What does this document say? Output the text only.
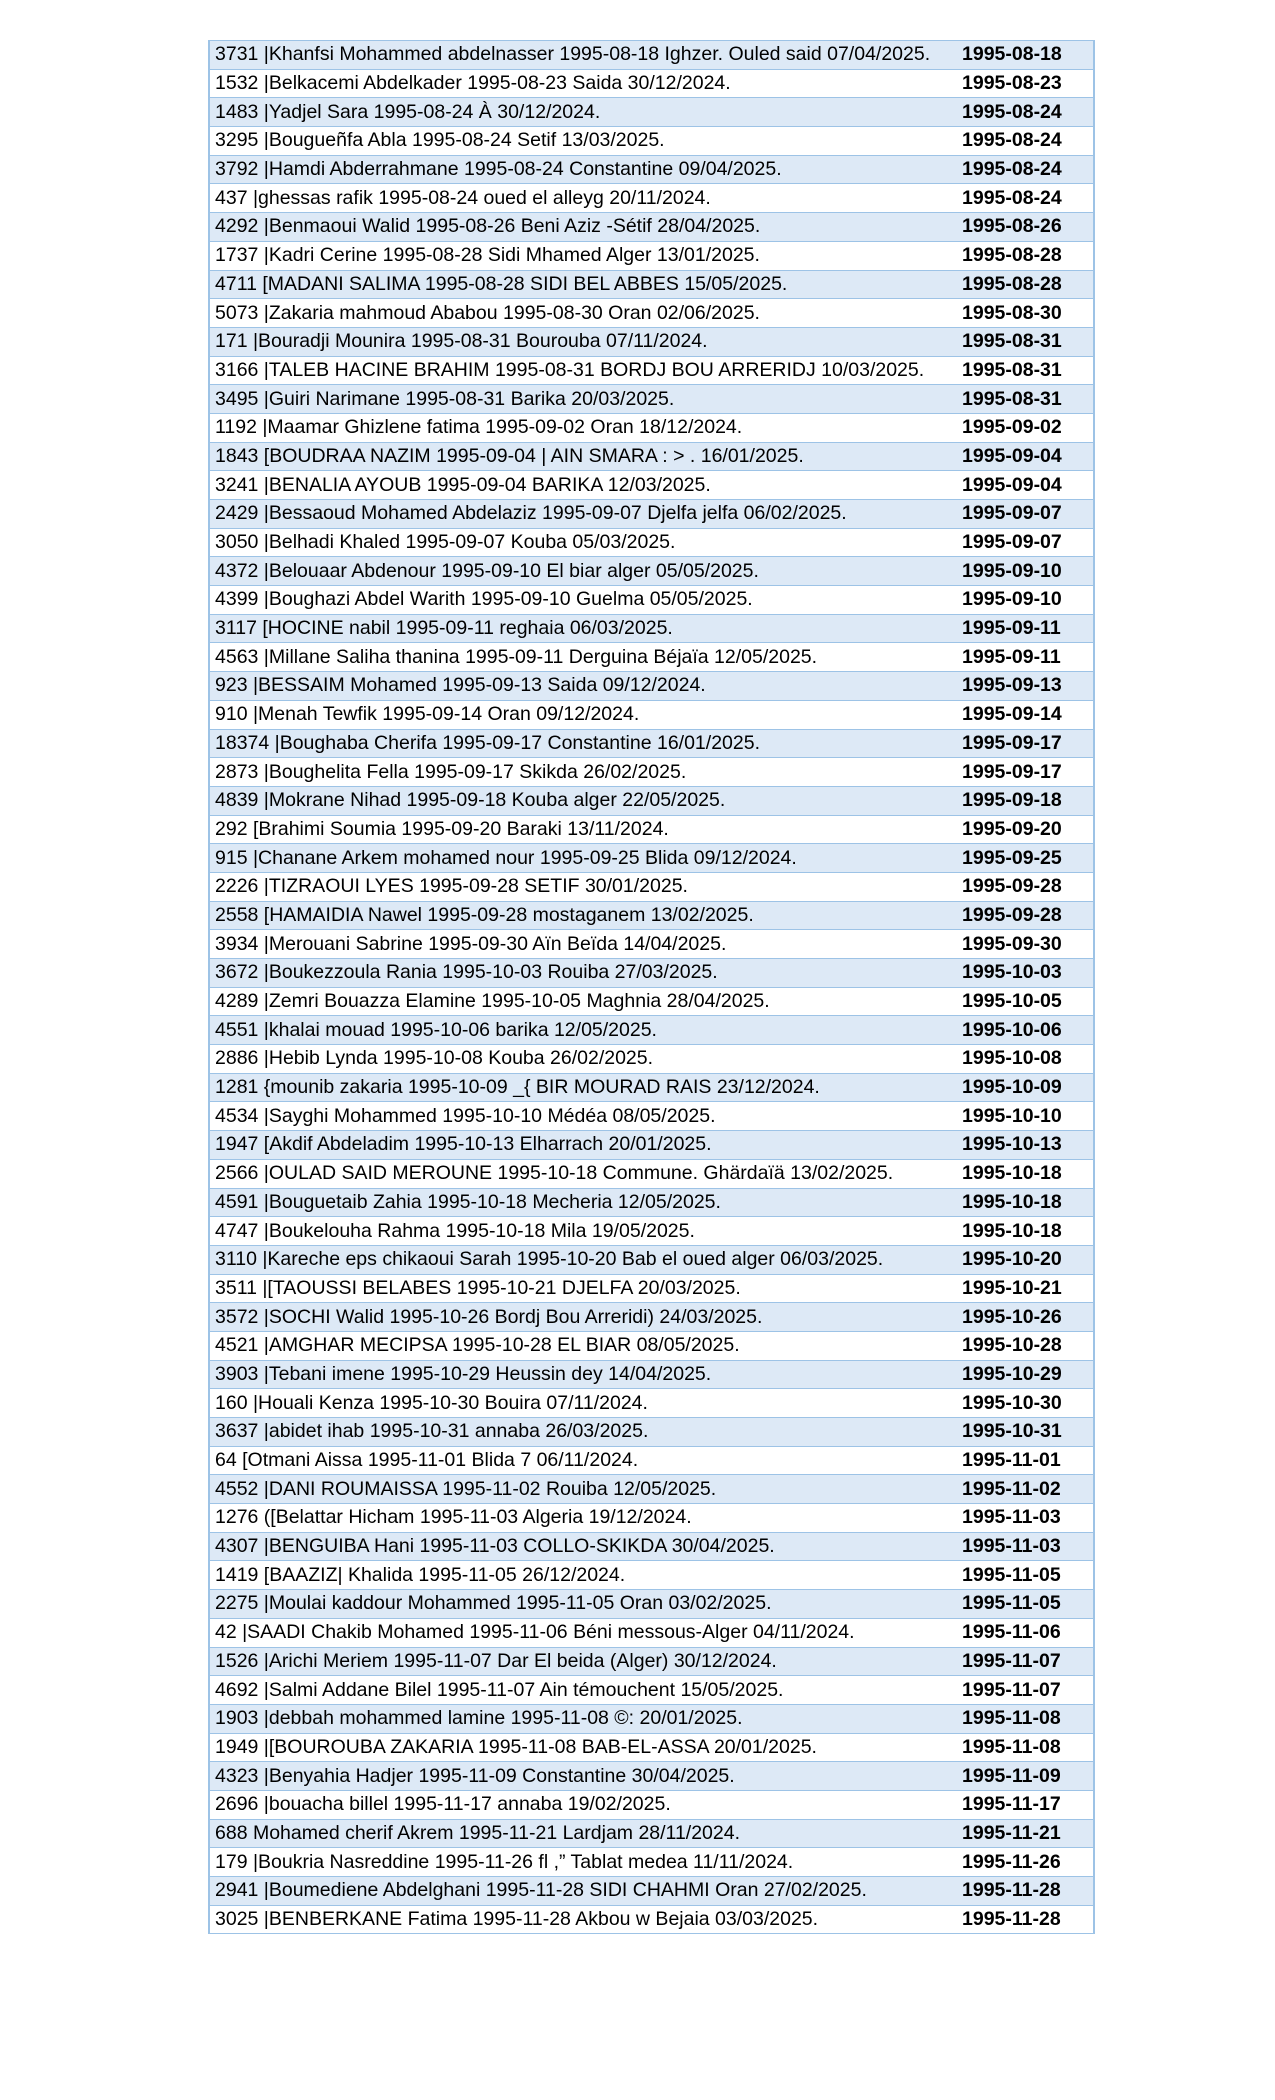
3731 |Khanfsi Mohammed abdelnasser 1995-08-18 Ighzer. Ouled said 07/04/2025.	1995-08-18
1532 |Belkacemi Abdelkader 1995-08-23 Saida 30/12/2024.	1995-08-23
1483 |Yadjel Sara 1995-08-24 À 30/12/2024.	1995-08-24
3295 |Bougueñfa Abla 1995-08-24 Setif 13/03/2025.	1995-08-24
3792 |Hamdi Abderrahmane 1995-08-24 Constantine 09/04/2025.	1995-08-24
437 |ghessas rafik 1995-08-24 oued el alleyg 20/11/2024.	1995-08-24
4292 |Benmaoui Walid 1995-08-26 Beni Aziz -Sétif 28/04/2025.	1995-08-26
1737 |Kadri Cerine 1995-08-28 Sidi Mhamed Alger 13/01/2025.	1995-08-28
4711 [MADANI SALIMA 1995-08-28 SIDI BEL ABBES 15/05/2025.	1995-08-28
5073 |Zakaria mahmoud Ababou 1995-08-30 Oran 02/06/2025.	1995-08-30
171 |Bouradji Mounira 1995-08-31 Bourouba 07/11/2024.	1995-08-31
3166 |TALEB HACINE BRAHIM 1995-08-31 BORDJ BOU ARRERIDJ 10/03/2025.	1995-08-31
3495 |Guiri Narimane 1995-08-31 Barika 20/03/2025.	1995-08-31
1192 |Maamar Ghizlene fatima 1995-09-02 Oran 18/12/2024.	1995-09-02
1843 [BOUDRAA NAZIM 1995-09-04 | AIN SMARA : > . 16/01/2025.	1995-09-04
3241 |BENALIA AYOUB 1995-09-04 BARIKA 12/03/2025.	1995-09-04
2429 |Bessaoud Mohamed Abdelaziz 1995-09-07 Djelfa jelfa 06/02/2025.	1995-09-07
3050 |Belhadi Khaled 1995-09-07 Kouba 05/03/2025.	1995-09-07
4372 |Belouaar Abdenour 1995-09-10 El biar alger 05/05/2025.	1995-09-10
4399 |Boughazi Abdel Warith 1995-09-10 Guelma 05/05/2025.	1995-09-10
3117 [HOCINE nabil 1995-09-11 reghaia 06/03/2025.	1995-09-11
4563 |Millane Saliha thanina 1995-09-11 Derguina Béjaïa 12/05/2025.	1995-09-11
923 |BESSAIM Mohamed 1995-09-13 Saida 09/12/2024.	1995-09-13
910 |Menah Tewfik 1995-09-14 Oran 09/12/2024.	1995-09-14
18374 |Boughaba Cherifa 1995-09-17 Constantine 16/01/2025.	1995-09-17
2873 |Boughelita Fella 1995-09-17 Skikda 26/02/2025.	1995-09-17
4839 |Mokrane Nihad 1995-09-18 Kouba alger 22/05/2025.	1995-09-18
292 [Brahimi Soumia 1995-09-20 Baraki 13/11/2024.	1995-09-20
915 |Chanane Arkem mohamed nour 1995-09-25 Blida 09/12/2024.	1995-09-25
2226 |TIZRAOUI LYES 1995-09-28 SETIF 30/01/2025.	1995-09-28
2558 [HAMAIDIA Nawel 1995-09-28 mostaganem 13/02/2025.	1995-09-28
3934 |Merouani Sabrine 1995-09-30 Aïn Beïda 14/04/2025.	1995-09-30
3672 |Boukezzoula Rania 1995-10-03 Rouiba 27/03/2025.	1995-10-03
4289 |Zemri Bouazza Elamine 1995-10-05 Maghnia 28/04/2025.	1995-10-05
4551 |khalai mouad 1995-10-06 barika 12/05/2025.	1995-10-06
2886 |Hebib Lynda 1995-10-08 Kouba 26/02/2025.	1995-10-08
1281 {mounib zakaria 1995-10-09 _{ BIR MOURAD RAIS 23/12/2024.	1995-10-09
4534 |Sayghi Mohammed 1995-10-10 Médéa 08/05/2025.	1995-10-10
1947 [Akdif Abdeladim 1995-10-13 Elharrach 20/01/2025.	1995-10-13
2566 |OULAD SAID MEROUNE 1995-10-18 Commune. Ghärdaïä 13/02/2025.	1995-10-18
4591 |Bouguetaib Zahia 1995-10-18 Mecheria 12/05/2025.	1995-10-18
4747 |Boukelouha Rahma 1995-10-18 Mila 19/05/2025.	1995-10-18
3110 |Kareche eps chikaoui Sarah 1995-10-20 Bab el oued alger 06/03/2025.	1995-10-20
3511 |[TAOUSSI BELABES 1995-10-21 DJELFA 20/03/2025.	1995-10-21
3572 |SOCHI Walid 1995-10-26 Bordj Bou Arreridi) 24/03/2025.	1995-10-26
4521 |AMGHAR MECIPSA 1995-10-28 EL BIAR 08/05/2025.	1995-10-28
3903 |Tebani imene 1995-10-29 Heussin dey 14/04/2025.	1995-10-29
160 |Houali Kenza 1995-10-30 Bouira 07/11/2024.	1995-10-30
3637 |abidet ihab 1995-10-31 annaba 26/03/2025.	1995-10-31
64 [Otmani Aissa 1995-11-01 Blida 7 06/11/2024.	1995-11-01
4552 |DANI ROUMAISSA 1995-11-02 Rouiba 12/05/2025.	1995-11-02
1276 ([Belattar Hicham 1995-11-03 Algeria 19/12/2024.	1995-11-03
4307 |BENGUIBA Hani 1995-11-03 COLLO-SKIKDA 30/04/2025.	1995-11-03
1419 [BAAZIZ| Khalida 1995-11-05 26/12/2024.	1995-11-05
2275 |Moulai kaddour Mohammed 1995-11-05 Oran 03/02/2025.	1995-11-05
42 |SAADI Chakib Mohamed 1995-11-06 Béni messous-Alger 04/11/2024.	1995-11-06
1526 |Arichi Meriem 1995-11-07 Dar El beida (Alger) 30/12/2024.	1995-11-07
4692 |Salmi Addane Bilel 1995-11-07 Ain témouchent 15/05/2025.	1995-11-07
1903 |debbah mohammed lamine 1995-11-08 ©: 20/01/2025.	1995-11-08
1949 |[BOUROUBA ZAKARIA 1995-11-08 BAB-EL-ASSA 20/01/2025.	1995-11-08
4323 |Benyahia Hadjer 1995-11-09 Constantine 30/04/2025.	1995-11-09
2696 |bouacha billel 1995-11-17 annaba 19/02/2025.	1995-11-17
688 Mohamed cherif Akrem 1995-11-21 Lardjam 28/11/2024.	1995-11-21
179 |Boukria Nasreddine 1995-11-26 fl ,” Tablat medea 11/11/2024.	1995-11-26
2941 |Boumediene Abdelghani 1995-11-28 SIDI CHAHMI Oran 27/02/2025.	1995-11-28
3025 |BENBERKANE Fatima 1995-11-28 Akbou w Bejaia 03/03/2025.	1995-11-28
